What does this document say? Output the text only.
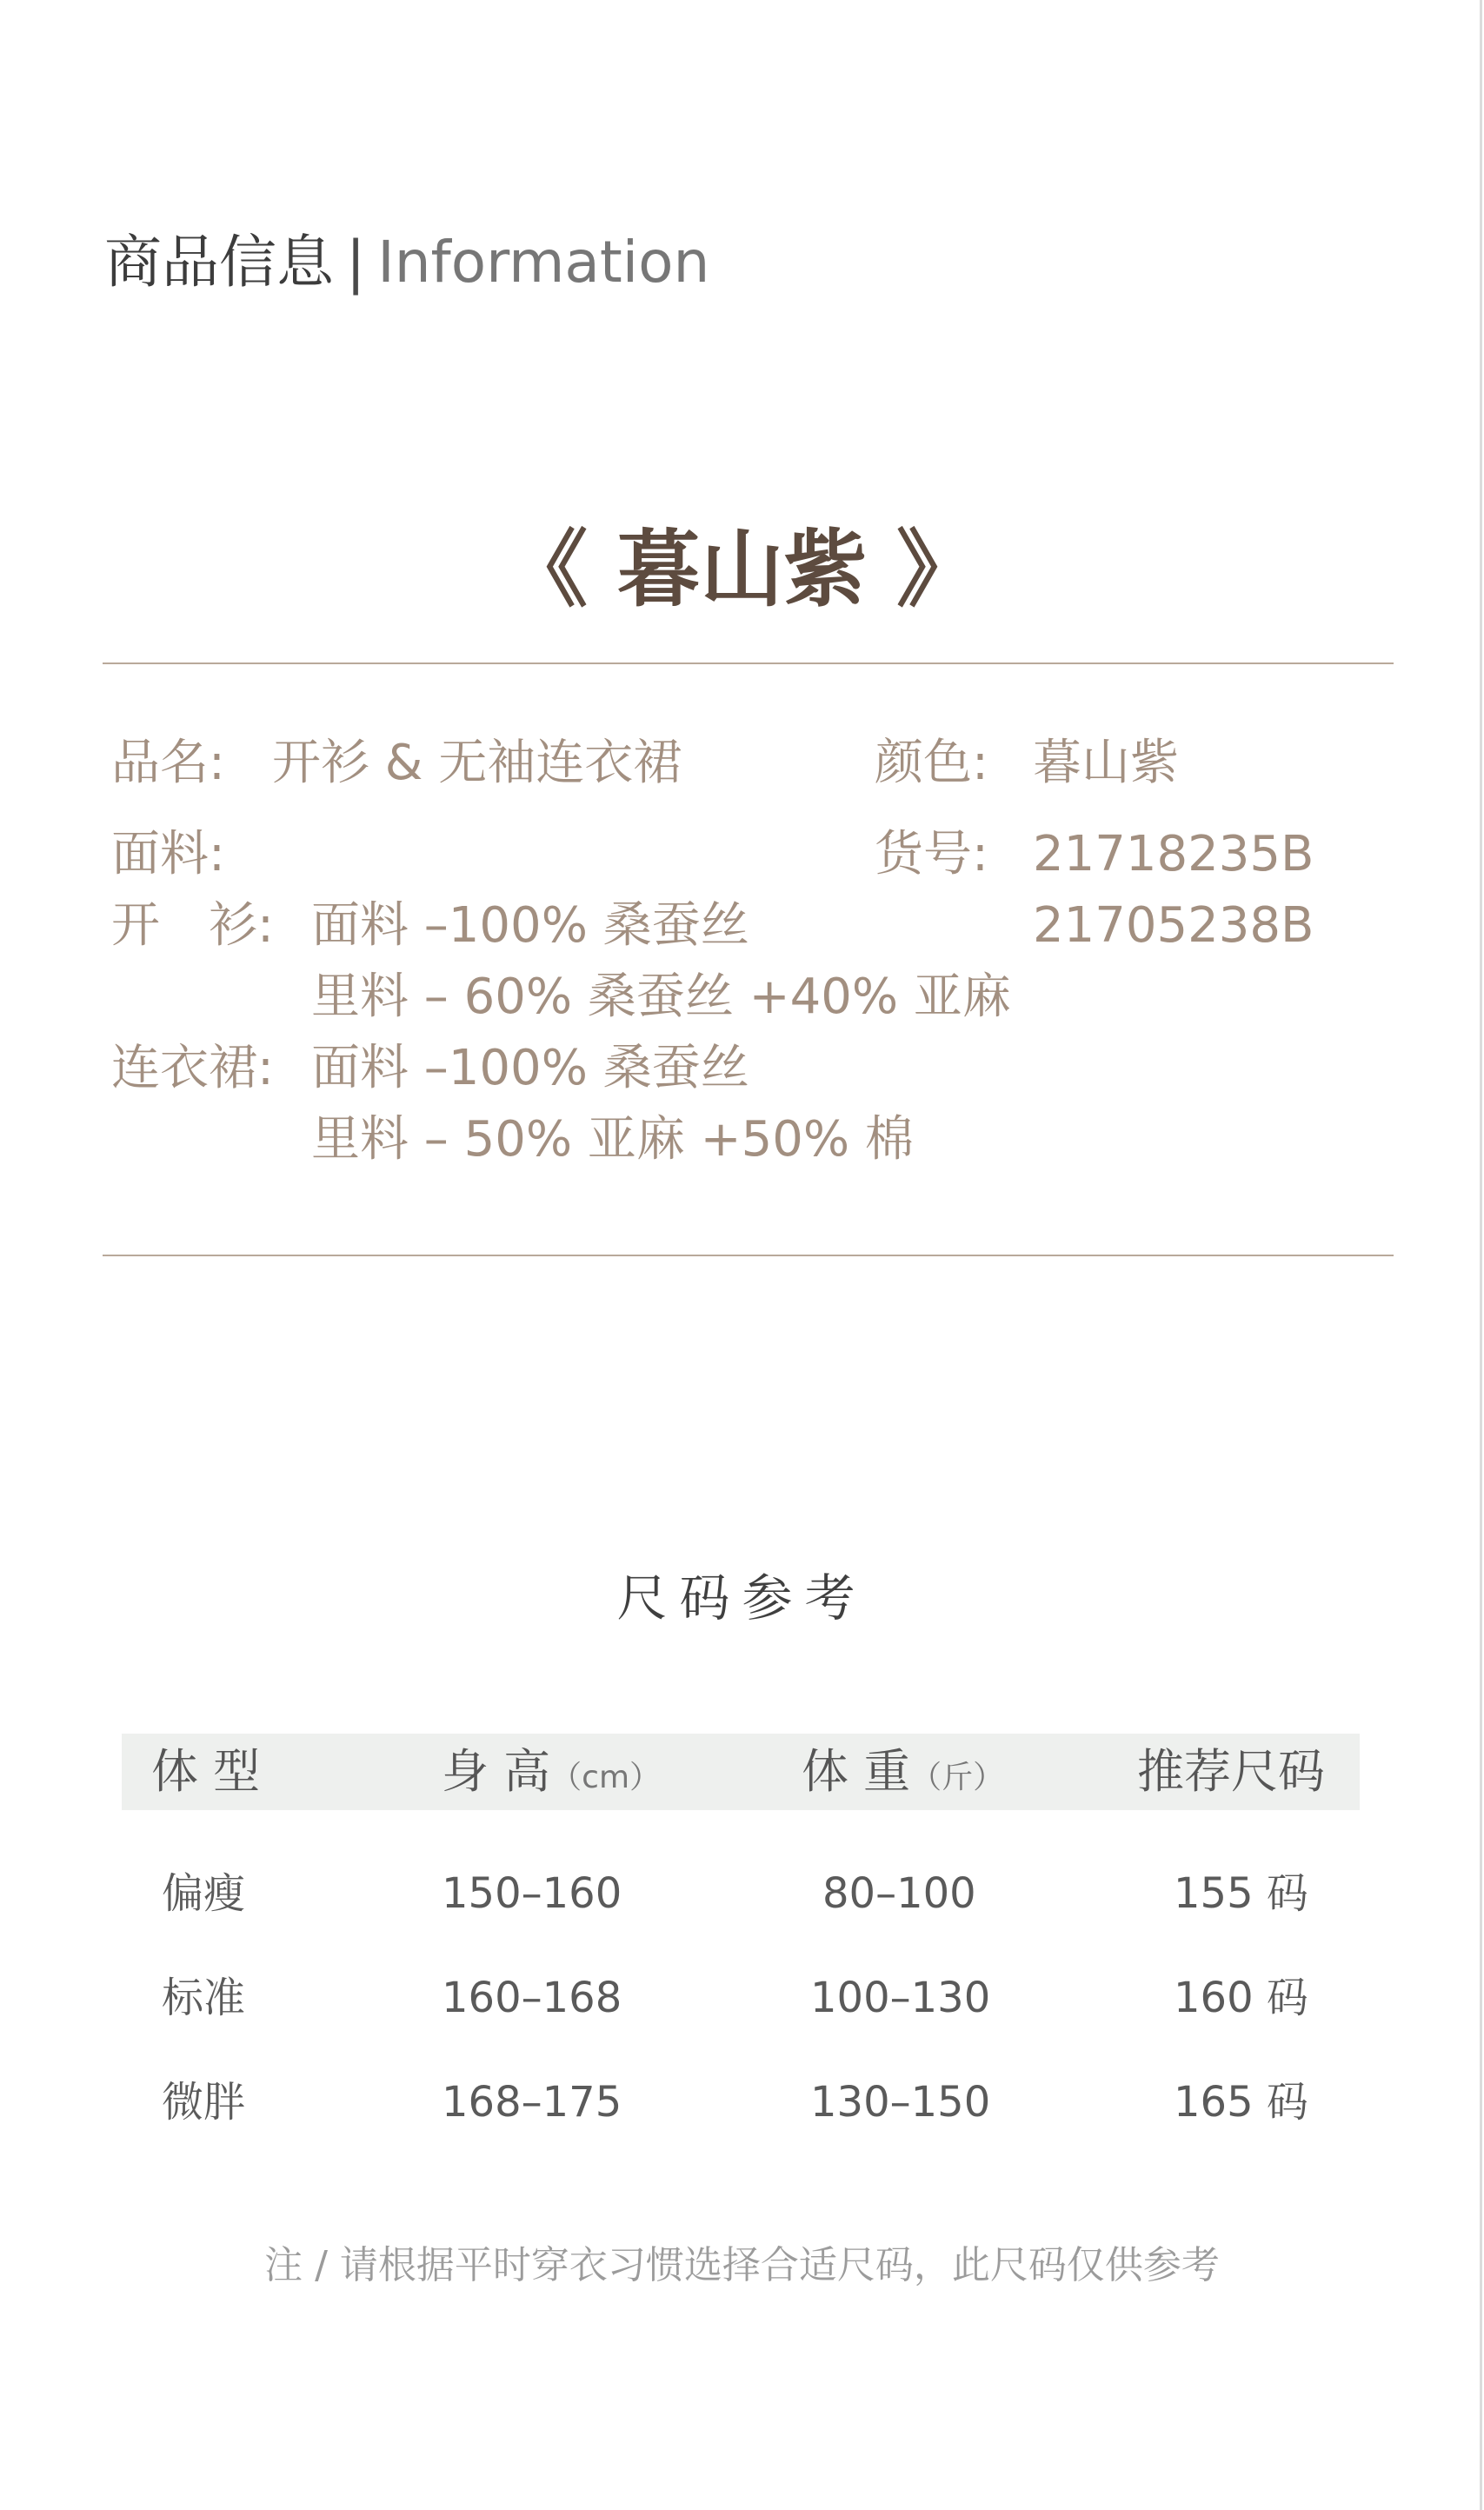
商品信息 | Information
《 暮山紫 》
品名: 开衫 & 无袖连衣裙	颜色: 暮山紫
面料:	货号: 21718235B
21705238B
开　衫: 面料 –100% 桑蚕丝
里料 – 60% 桑蚕丝 +40% 亚麻
连衣裙: 面料 –100% 桑蚕丝
里料 – 50% 亚麻 +50% 棉
尺码参考
体 型	身 高（cm）	体 重（斤）	推荐尺码
偏瘦	150–160	80–100	155 码
标准	160–168	100–130	160 码
微胖	168–175	130–150	165 码
注 / 请根据平时穿衣习惯选择合适尺码，此尺码仅供参考
